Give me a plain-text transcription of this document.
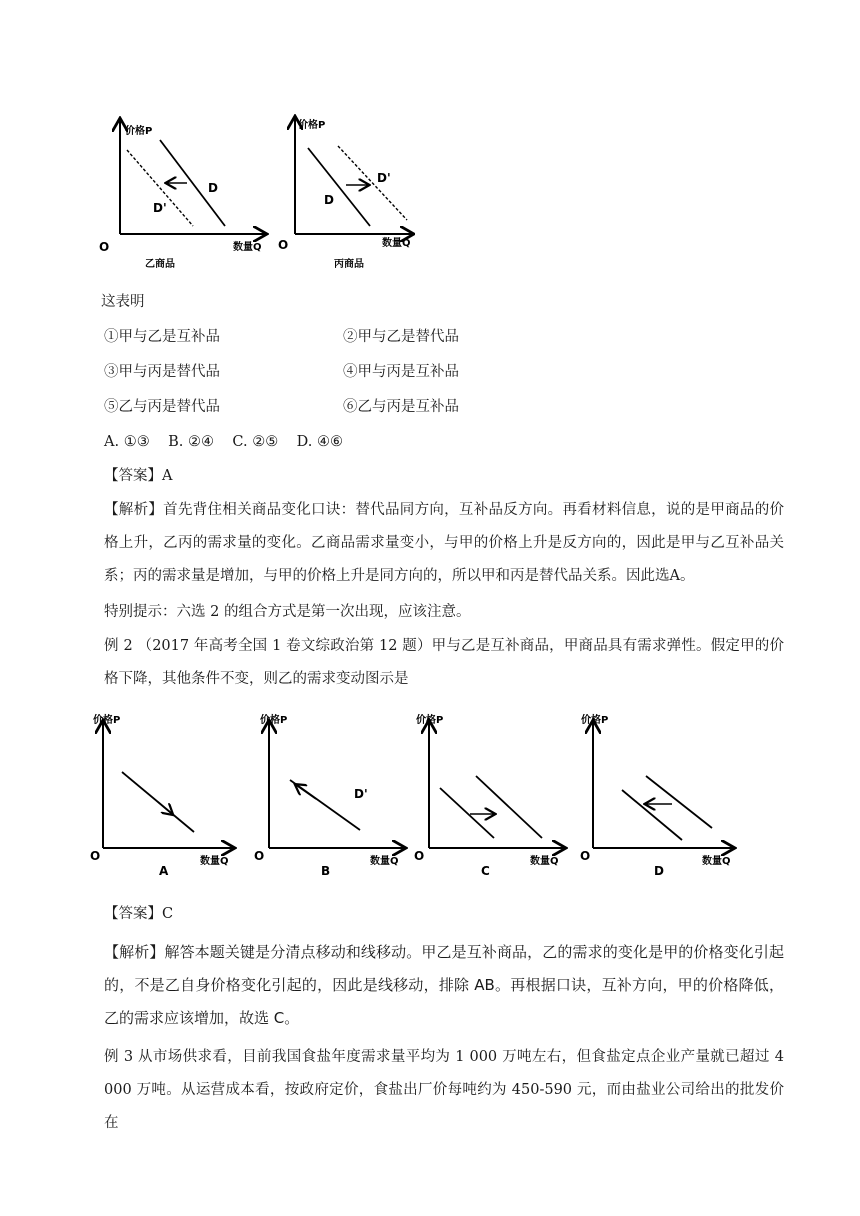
价格P
数量Q
O
D
D'
乙商品
价格P
数量Q
O
D'
D
丙商品
这表明
①甲与乙是互补品	②甲与乙是替代品
③甲与丙是替代品	④甲与丙是互补品
⑤乙与丙是替代品	⑥乙与丙是互补品
A. ①③    B. ②④    C. ②⑤    D. ④⑥
【答案】A
【解析】首先背住相关商品变化口诀：替代品同方向，互补品反方向。再看材料信息，说的是甲商品的价格上升，乙丙的需求量的变化。乙商品需求量变小，与甲的价格上升是反方向的，因此是甲与乙互补品关系；丙的需求量是增加，与甲的价格上升是同方向的，所以甲和丙是替代品关系。因此选A。
特别提示：六选 2 的组合方式是第一次出现，应该注意。
例 2 （2017 年高考全国 1 卷文综政治第 12 题）甲与乙是互补商品，甲商品具有需求弹性。假定甲的价格下降，其他条件不变，则乙的需求变动图示是
价格P
数量Q
O
A
价格P
数量Q
O
D'
B
价格P
数量Q
O
C
价格P
数量Q
O
D
【答案】C
【解析】解答本题关键是分清点移动和线移动。甲乙是互补商品，乙的需求的变化是甲的价格变化引起的，不是乙自身价格变化引起的，因此是线移动，排除 AB。再根据口诀，互补方向，甲的价格降低，乙的需求应该增加，故选 C。
例 3 从市场供求看，目前我国食盐年度需求量平均为 1 000 万吨左右，但食盐定点企业产量就已超过 4 000 万吨。从运营成本看，按政府定价，食盐出厂价每吨约为 450-590 元，而由盐业公司给出的批发价在
